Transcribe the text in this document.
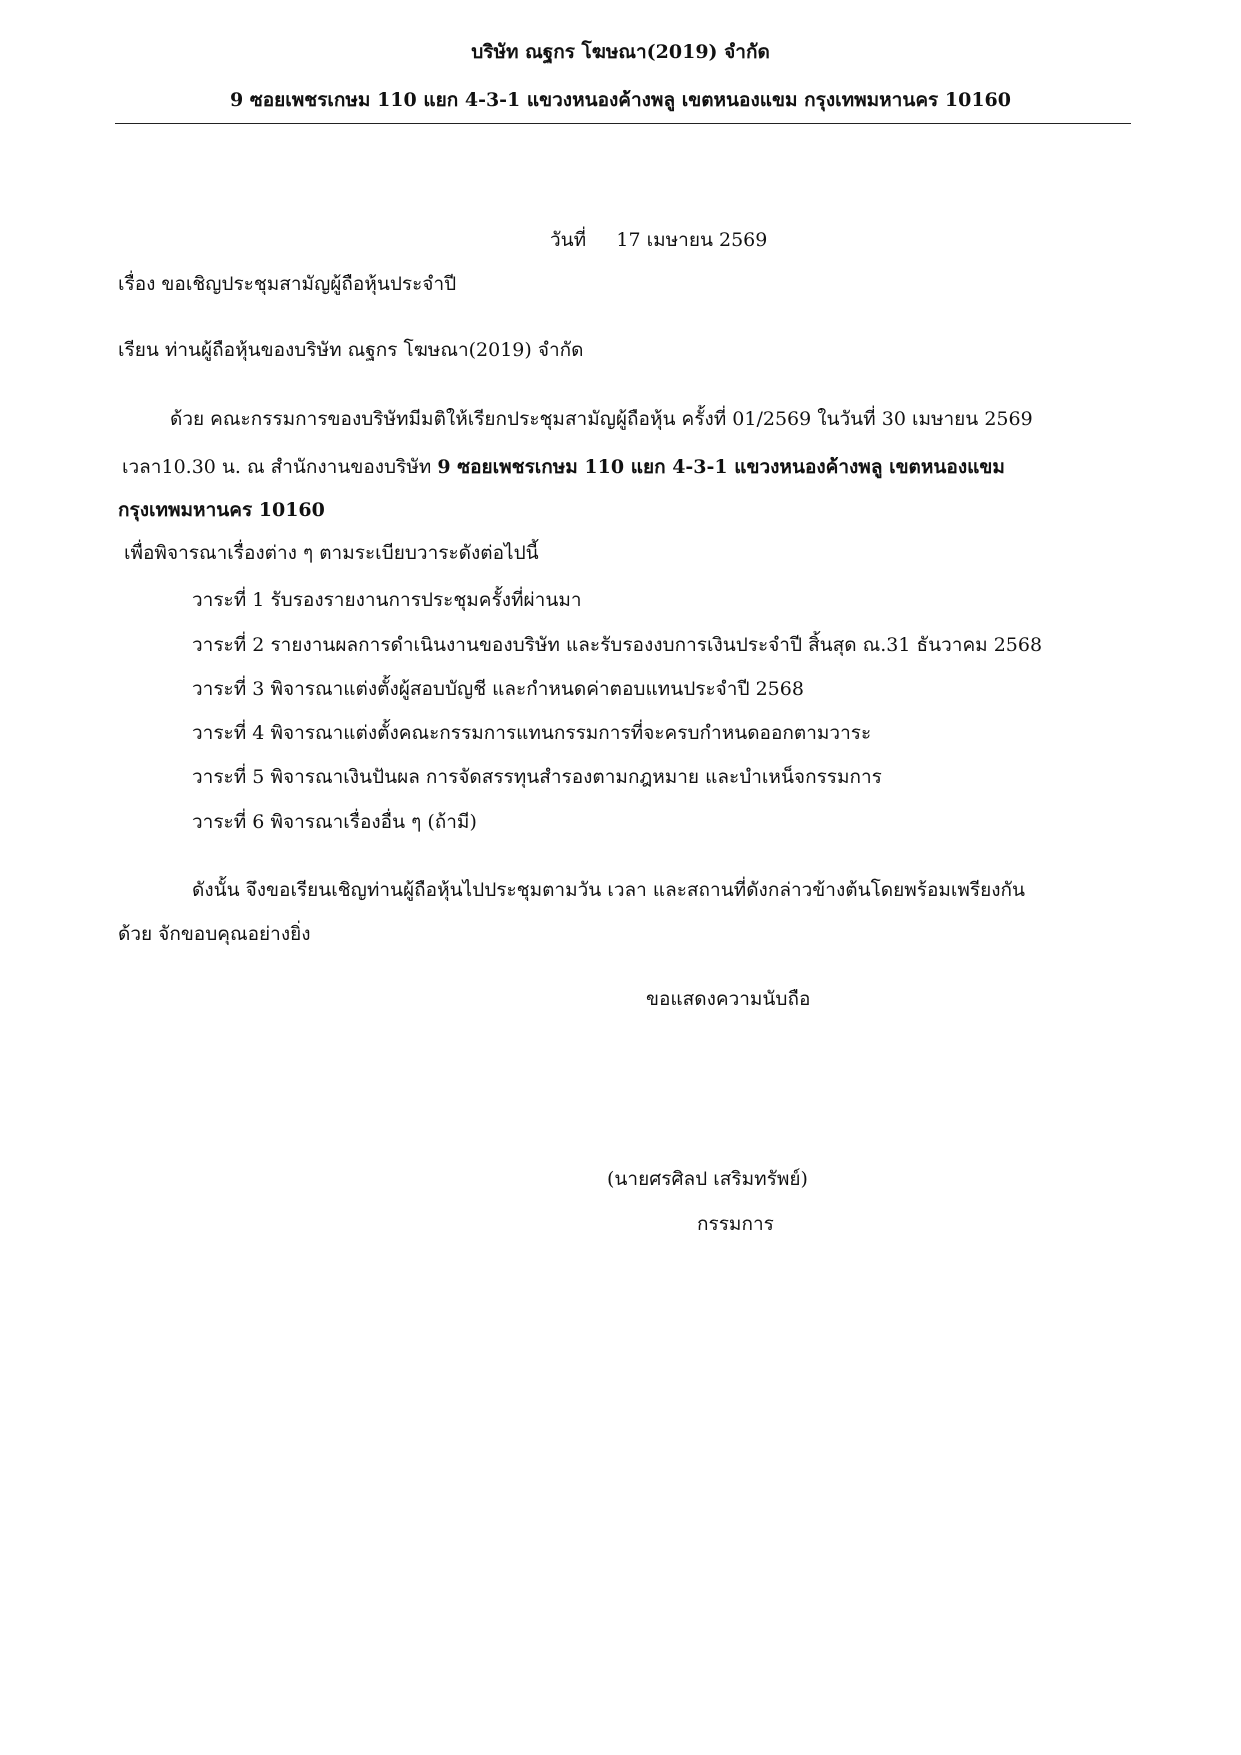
บริษัท ณฐกร โฆษณา(2019) จำกัด
9 ซอยเพชรเกษม 110 แยก 4-3-1 แขวงหนองค้างพลู เขตหนองแขม กรุงเทพมหานคร 10160
วันที่ 17 เมษายน 2569
เรื่อง ขอเชิญประชุมสามัญผู้ถือหุ้นประจำปี
เรียน ท่านผู้ถือหุ้นของบริษัท ณฐกร โฆษณา(2019) จำกัด
ด้วย คณะกรรมการของบริษัทมีมติให้เรียกประชุมสามัญผู้ถือหุ้น ครั้งที่ 01/2569 ในวันที่ 30 เมษายน 2569
เวลา10.30 น. ณ สำนักงานของบริษัท 9 ซอยเพชรเกษม 110 แยก 4-3-1 แขวงหนองค้างพลู เขตหนองแขม
กรุงเทพมหานคร 10160
เพื่อพิจารณาเรื่องต่าง ๆ ตามระเบียบวาระดังต่อไปนี้
วาระที่ 1 รับรองรายงานการประชุมครั้งที่ผ่านมา
วาระที่ 2 รายงานผลการดำเนินงานของบริษัท และรับรองงบการเงินประจำปี สิ้นสุด ณ.31 ธันวาคม 2568
วาระที่ 3 พิจารณาแต่งตั้งผู้สอบบัญชี และกำหนดค่าตอบแทนประจำปี 2568
วาระที่ 4 พิจารณาแต่งตั้งคณะกรรมการแทนกรรมการที่จะครบกำหนดออกตามวาระ
วาระที่ 5 พิจารณาเงินปันผล การจัดสรรทุนสำรองตามกฎหมาย และบำเหน็จกรรมการ
วาระที่ 6 พิจารณาเรื่องอื่น ๆ (ถ้ามี)
ดังนั้น จึงขอเรียนเชิญท่านผู้ถือหุ้นไปประชุมตามวัน เวลา และสถานที่ดังกล่าวข้างต้นโดยพร้อมเพรียงกัน
ด้วย จักขอบคุณอย่างยิ่ง
ขอแสดงความนับถือ
(นายศรศิลป เสริมทรัพย์)
กรรมการ
